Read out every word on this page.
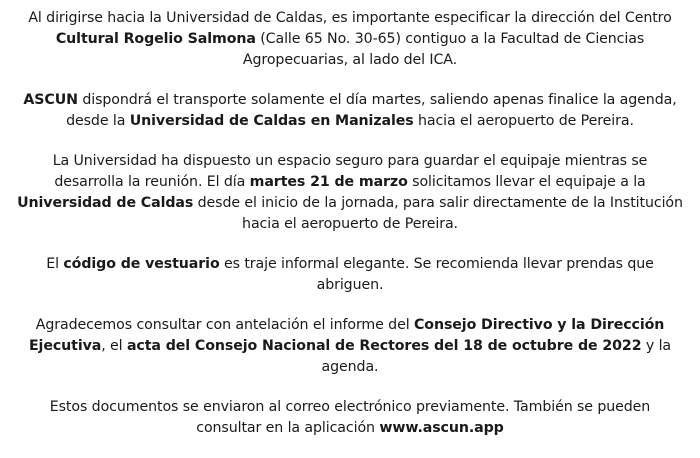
Al dirigirse hacia la Universidad de Caldas, es importante especificar la dirección del Centro
Cultural Rogelio Salmona (Calle 65 No. 30-65) contiguo a la Facultad de Ciencias
Agropecuarias, al lado del ICA.

ASCUN dispondrá el transporte solamente el día martes, saliendo apenas finalice la agenda,
desde la Universidad de Caldas en Manizales hacia el aeropuerto de Pereira.

La Universidad ha dispuesto un espacio seguro para guardar el equipaje mientras se
desarrolla la reunión. El día martes 21 de marzo solicitamos llevar el equipaje a la
Universidad de Caldas desde el inicio de la jornada, para salir directamente de la Institución
hacia el aeropuerto de Pereira.

El código de vestuario es traje informal elegante. Se recomienda llevar prendas que
abriguen.

Agradecemos consultar con antelación el informe del Consejo Directivo y la Dirección
Ejecutiva, el acta del Consejo Nacional de Rectores del 18 de octubre de 2022 y la
agenda.

Estos documentos se enviaron al correo electrónico previamente. También se pueden
consultar en la aplicación www.ascun.app
